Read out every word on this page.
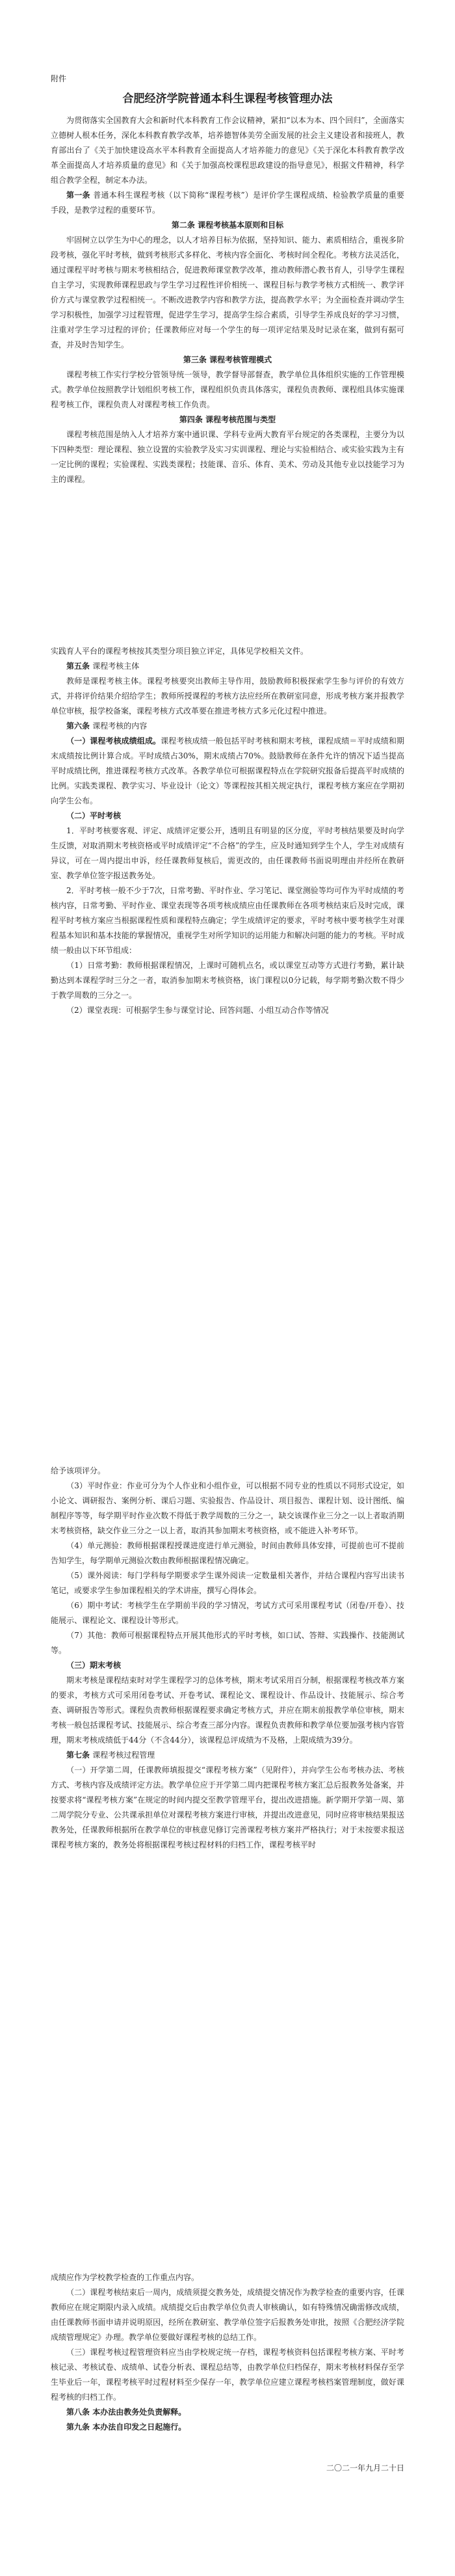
附件
合肥经济学院普通本科生课程考核管理办法

为贯彻落实全国教育大会和新时代本科教育工作会议精神，紧扣“以本为本、四个回归”，全面落实立德树人根本任务，深化本科教育教学改革，培养德智体美劳全面发展的社会主义建设者和接班人，教育部出台了《关于加快建设高水平本科教育全面提高人才培养能力的意见》《关于深化本科教育教学改革全面提高人才培养质量的意见》和《关于加强高校课程思政建设的指导意见》，根据文件精神，科学组合教学全程，制定本办法。

第一条 普通本科生课程考核（以下简称“课程考核”）是评价学生课程成绩、检验教学质量的重要手段，是教学过程的重要环节。

第二条 课程考核基本原则和目标

牢固树立以学生为中心的理念，以人才培养目标为依据，坚持知识、能力、素质相结合，重视多阶段考核，强化平时考核，做到考核形式多样化、考核内容全面化、考核时间全程化。考核方法灵活化，通过课程平时考核与期末考核相结合，促进教师课堂教学改革，推动教师潜心教书育人，引导学生课程自主学习，实现教师课程思政与学生学习过程性评价相统一、课程目标与教学考核方式相统一、教学评价方式与课堂教学过程相统一。不断改进教学内容和教学方法，提高教学水平；为全面检查并调动学生学习积极性，加强学习过程管理，促进学生学习，提高学生综合素质，引导学生养成良好的学习习惯，注重对学生学习过程的评价；任课教师应对每一个学生的每一项评定结果及时记录在案，做到有据可查，并及时告知学生。

第三条 课程考核管理模式

课程考核工作实行学校分管领导统一领导，教学督导部督查，教学单位具体组织实施的工作管理模式。教学单位按照教学计划组织考核工作，课程组织负责具体落实，课程负责教师、课程组具体实施课程考核工作，课程负责人对课程考核工作负责。

第四条 课程考核范围与类型

课程考核范围是纳入人才培养方案中通识课、学科专业两大教育平台规定的各类课程，主要分为以下四种类型：理论课程、独立设置的实验教学及实习实训课程、理论与实验相结合、或实验实践为主有一定比例的课程；实验课程、实践类课程；技能课、音乐、体育、美术、劳动及其他专业以技能学习为主的课程。

实践育人平台的课程考核按其类型分项目独立评定，具体见学校相关文件。

第五条 课程考核主体

教师是课程考核主体。课程考核要突出教师主导作用，鼓励教师积极探索学生参与评价的有效方式，并将评价结果介绍给学生；教师所授课程的考核方法应经所在教研室同意，形成考核方案并报教学单位审核，报学校备案，课程考核方式改革要在推进考核方式多元化过程中推进。

第六条 课程考核的内容

（一）课程考核成绩组成。课程考核成绩一般包括平时考核和期末考核，课程成绩＝平时成绩和期末成绩按比例计算合成。平时成绩占30%，期末成绩占70%。鼓励教师在条件允许的情况下适当提高平时成绩比例，推进课程考核方式改革。各教学单位可根据课程特点在学院研究报备后提高平时成绩的比例。实践类课程、教学实习、毕业设计（论文）等课程按其相关规定执行，课程考核方案应在学期初向学生公布。

（二）平时考核

1．平时考核要客观、评定、成绩评定要公开，透明且有明显的区分度，平时考核结果要及时向学生反馈，对取消期末考核资格或平时成绩评定“不合格”的学生，应及时通知到学生个人，学生对成绩有异议，可在一周内提出申诉，经任课教师复核后，需更改的，由任课教师书面说明理由并经所在教研室、教学单位签字报送教务处。

2．平时考核一般不少于7次，日常考勤、平时作业、学习笔记、课堂测验等均可作为平时成绩的考核内容，日常考勤、平时作业、课堂表现等各项考核成绩应由任课教师在各项考核结束后及时完成，课程平时考核方案应当根据课程性质和课程特点确定；学生成绩评定的要求，平时考核中要考核学生对课程基本知识和基本技能的掌握情况，重视学生对所学知识的运用能力和解决问题的能力的考核。平时成绩一般由以下环节组成：

（1）日常考勤：教师根据课程情况，上课时可随机点名，或以课堂互动等方式进行考勤，累计缺勤达到本课程学时三分之一者，取消参加期末考核资格，该门课程以0分记载，每学期考勤次数不得少于教学周数的三分之一。

（2）课堂表现：可根据学生参与课堂讨论、回答问题、小组互动合作等情况

给予该项评分。

（3）平时作业：作业可分为个人作业和小组作业，可以根据不同专业的性质以不同形式设定，如小论文、调研报告、案例分析、课后习题、实验报告、作品设计、项目报告、课程计划、设计图纸、编制程序等等，每学期平时作业次数不得低于教学周数的三分之一，缺交该课作业三分之一以上者取消期末考核资格，缺交作业三分之一以上者，取消其参加期末考核资格，或不能进入补考环节。

（4）单元测验：教师根据课程授课进度进行单元测验，时间由教师具体安排，可提前也可不提前告知学生，每学期单元测验次数由教师根据课程情况确定。

（5）课外阅读：每门学科每学期要求学生课外阅读一定数量相关著作，并结合课程内容写出读书笔记，或要求学生参加课程相关的学术讲座，撰写心得体会。

（6）期中考试：考核学生在学期前半段的学习情况，考试方式可采用课程考试（闭卷/开卷）、技能展示、课程论文、课程设计等形式。

（7）其他：教师可根据课程特点开展其他形式的平时考核，如口试、答辩、实践操作、技能测试等。

（三）期末考核

期末考核是课程结束时对学生课程学习的总体考核，期末考试采用百分制，根据课程考核改革方案的要求，考核方式可采用闭卷考试、开卷考试、课程论文、课程设计、作品设计、技能展示、综合考查、调研报告等形式。课程负责教师根据课程要求确定考核方式，并应在期末前报教学单位审核，期末考核一般包括课程考试、技能展示、综合考查三部分内容。课程负责教师和教学单位要加强考核内容管理，期末考核成绩低于44分（不含44分），该课程总评成绩为不及格，上限成绩为39分。

第七条 课程考核过程管理

（一）开学第二周，任课教师填报提交“课程考核方案”（见附件），并向学生公布考核办法、考核方式、考核内容及成绩评定方法。教学单位应于开学第二周内把课程考核方案汇总后报教务处备案，并按要求将“课程考核方案”在规定的时间内提交至教学管理平台，提出改进措施。新学期开学第一周、第二周学院分专业、公共课承担单位对课程考核方案进行审核，并提出改进意见，同时应将审核结果报送教务处，任课教师根据所在教学单位的审核意见修订完善课程考核方案并严格执行；对于未按要求报送课程考核方案的，教务处将根据课程考核过程材料的归档工作，课程考核平时

成绩应作为学校教学检查的工作重点内容。

（二）课程考核结束后一周内，成绩须提交教务处，成绩提交情况作为教学检查的重要内容，任课教师应在规定期限内录入成绩。成绩提交后由教学单位负责人审核确认，如有特殊情况确需修改成绩，由任课教师书面申请并说明原因，经所在教研室、教学单位签字后报教务处审批，按照《合肥经济学院成绩管理规定》办理。教学单位要做好课程考核的总结工作。

（三）课程考核过程管理资料应当由学校规定统一存档，课程考核资料包括课程考核方案、平时考核记录、考核试卷、成绩单、试卷分析表、课程总结等，由教学单位归档保存，期末考核材料保存至学生毕业后一年，课程考核平时过程材料至少保存一年，教学单位应建立课程考核档案管理制度，做好课程考核的归档工作。

第八条 本办法由教务处负责解释。

第九条 本办法自印发之日起施行。

二〇二一年九月二十日
